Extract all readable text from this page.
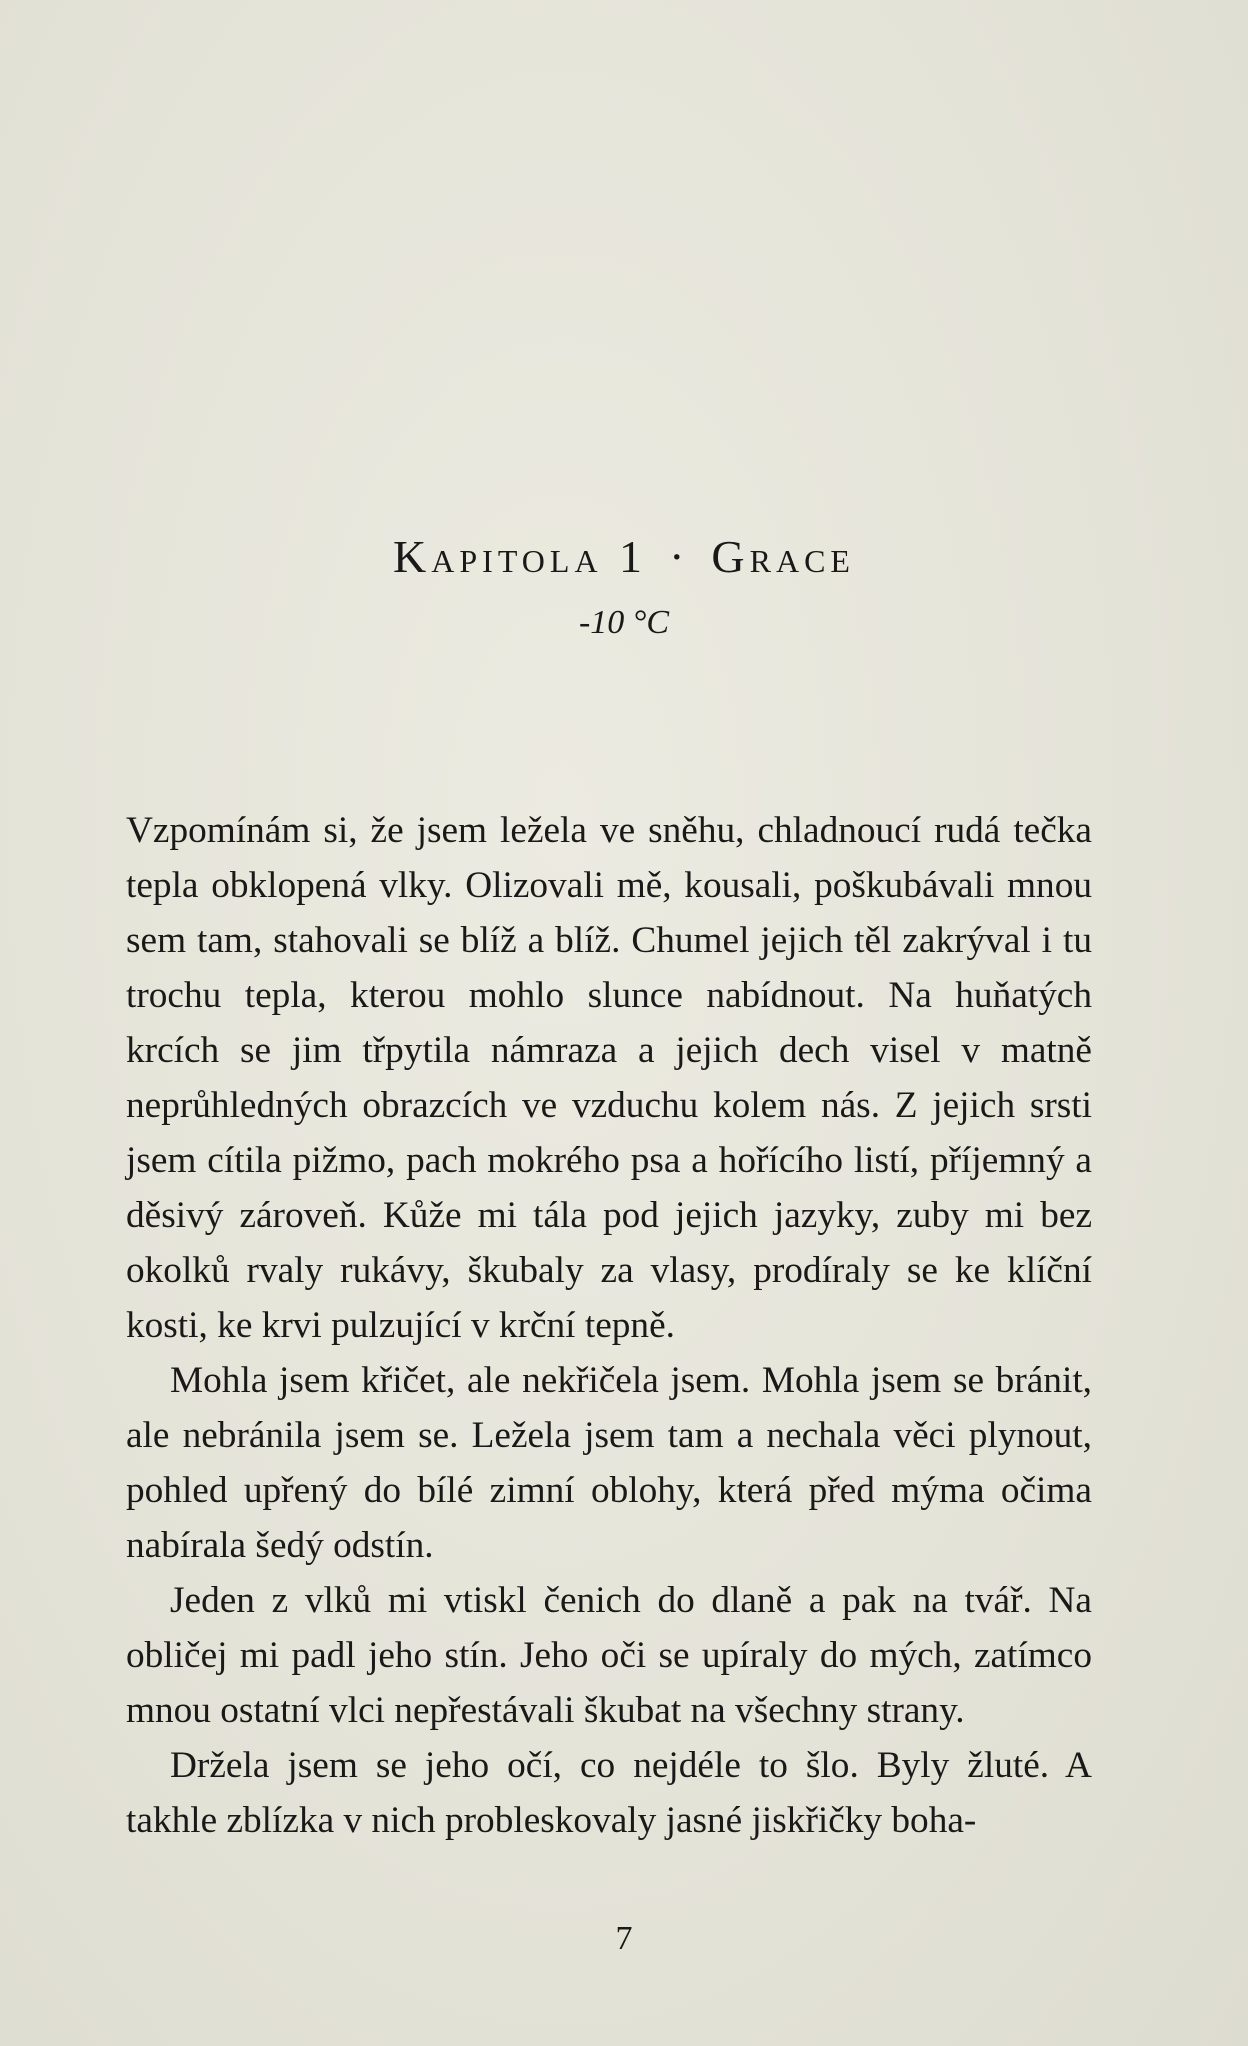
Kapitola 1 · Grace
-10 °C

Vzpomínám si, že jsem ležela ve sněhu, chladnoucí rudá tečka tepla obklopená vlky. Olizovali mě, kousali, poškubávali mnou sem tam, stahovali se blíž a blíž. Chumel jejich těl zakrýval i tu trochu tepla, kterou mohlo slunce nabídnout. Na huňatých krcích se jim třpytila námraza a jejich dech visel v matně neprůhledných obrazcích ve vzduchu kolem nás. Z jejich srsti jsem cítila pižmo, pach mokrého psa a hořícího listí, příjemný a děsivý zároveň. Kůže mi tála pod jejich jazyky, zuby mi bez okolků rvaly rukávy, škubaly za vlasy, prodíraly se ke klíční kosti, ke krvi pulzující v krční tepně.

Mohla jsem křičet, ale nekřičela jsem. Mohla jsem se bránit, ale nebránila jsem se. Ležela jsem tam a nechala věci plynout, pohled upřený do bílé zimní oblohy, která před mýma očima nabírala šedý odstín.

Jeden z vlků mi vtiskl čenich do dlaně a pak na tvář. Na obličej mi padl jeho stín. Jeho oči se upíraly do mých, zatímco mnou ostatní vlci nepřestávali škubat na všechny strany.

Držela jsem se jeho očí, co nejdéle to šlo. Byly žluté. A takhle zblízka v nich probleskovaly jasné jiskřičky boha-

7
